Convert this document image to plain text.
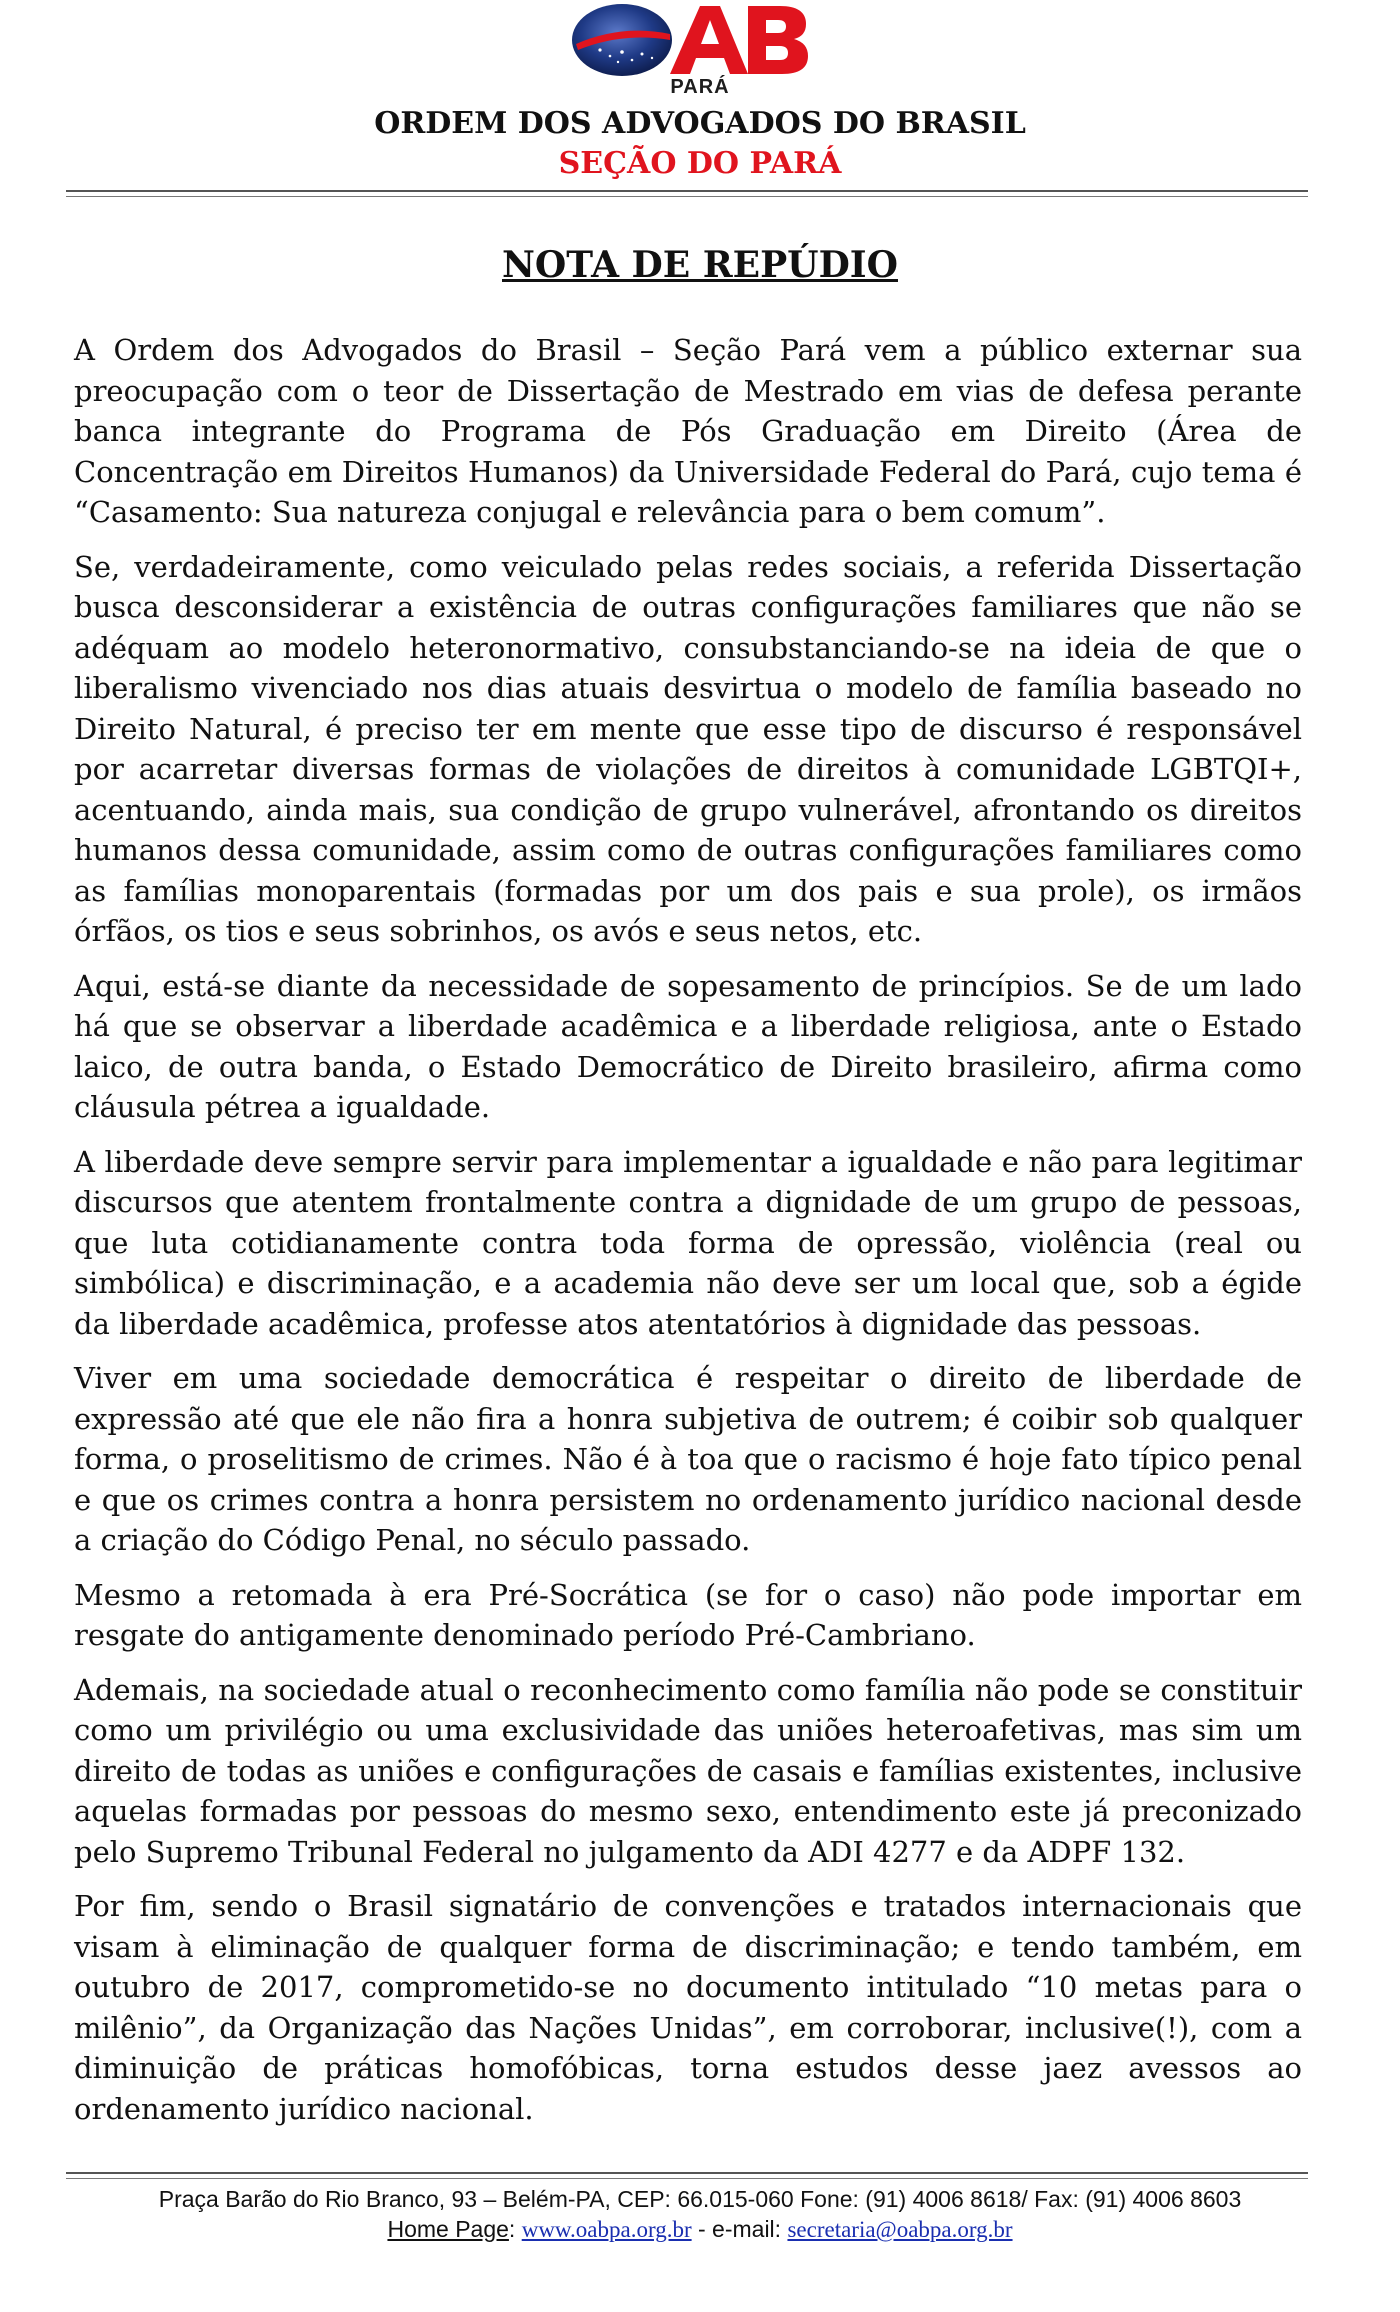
PARÁ
ORDEM DOS ADVOGADOS DO BRASIL
SEÇÃO DO PARÁ
NOTA DE REPÚDIO

A Ordem dos Advogados do Brasil – Seção Pará vem a público externar sua preocupação com o teor de Dissertação de Mestrado em vias de defesa perante banca integrante do Programa de Pós Graduação em Direito (Área de Concentração em Direitos Humanos) da Universidade Federal do Pará, cujo tema é “Casamento: Sua natureza conjugal e relevância para o bem comum”.

Se, verdadeiramente, como veiculado pelas redes sociais, a referida Dissertação busca desconsiderar a existência de outras configurações familiares que não se adéquam ao modelo heteronormativo, consubstanciando-se na ideia de que o liberalismo vivenciado nos dias atuais desvirtua o modelo de família baseado no Direito Natural, é preciso ter em mente que esse tipo de discurso é responsável por acarretar diversas formas de violações de direitos à comunidade LGBTQI+, acentuando, ainda mais, sua condição de grupo vulnerável, afrontando os direitos humanos dessa comunidade, assim como de outras configurações familiares como as famílias monoparentais (formadas por um dos pais e sua prole), os irmãos órfãos, os tios e seus sobrinhos, os avós e seus netos, etc.

Aqui, está-se diante da necessidade de sopesamento de princípios. Se de um lado há que se observar a liberdade acadêmica e a liberdade religiosa, ante o Estado laico, de outra banda, o Estado Democrático de Direito brasileiro, afirma como cláusula pétrea a igualdade.

A liberdade deve sempre servir para implementar a igualdade e não para legitimar discursos que atentem frontalmente contra a dignidade de um grupo de pessoas, que luta cotidianamente contra toda forma de opressão, violência (real ou simbólica) e discriminação, e a academia não deve ser um local que, sob a égide da liberdade acadêmica, professe atos atentatórios à dignidade das pessoas.

Viver em uma sociedade democrática é respeitar o direito de liberdade de expressão até que ele não fira a honra subjetiva de outrem; é coibir sob qualquer forma, o proselitismo de crimes. Não é à toa que o racismo é hoje fato típico penal e que os crimes contra a honra persistem no ordenamento jurídico nacional desde a criação do Código Penal, no século passado.

Mesmo a retomada à era Pré-Socrática (se for o caso) não pode importar em resgate do antigamente denominado período Pré-Cambriano.

Ademais, na sociedade atual o reconhecimento como família não pode se constituir como um privilégio ou uma exclusividade das uniões heteroafetivas, mas sim um direito de todas as uniões e configurações de casais e famílias existentes, inclusive aquelas formadas por pessoas do mesmo sexo, entendimento este já preconizado pelo Supremo Tribunal Federal no julgamento da ADI 4277 e da ADPF 132.

Por fim, sendo o Brasil signatário de convenções e tratados internacionais que visam à eliminação de qualquer forma de discriminação; e tendo também, em outubro de 2017, comprometido-se no documento intitulado “10 metas para o milênio”, da Organização das Nações Unidas”, em corroborar, inclusive(!), com a diminuição de práticas homofóbicas, torna estudos desse jaez avessos ao ordenamento jurídico nacional.

Praça Barão do Rio Branco, 93 – Belém-PA, CEP: 66.015-060 Fone: (91) 4006 8618/ Fax: (91) 4006 8603
Home Page: www.oabpa.org.br - e-mail: secretaria@oabpa.org.br
